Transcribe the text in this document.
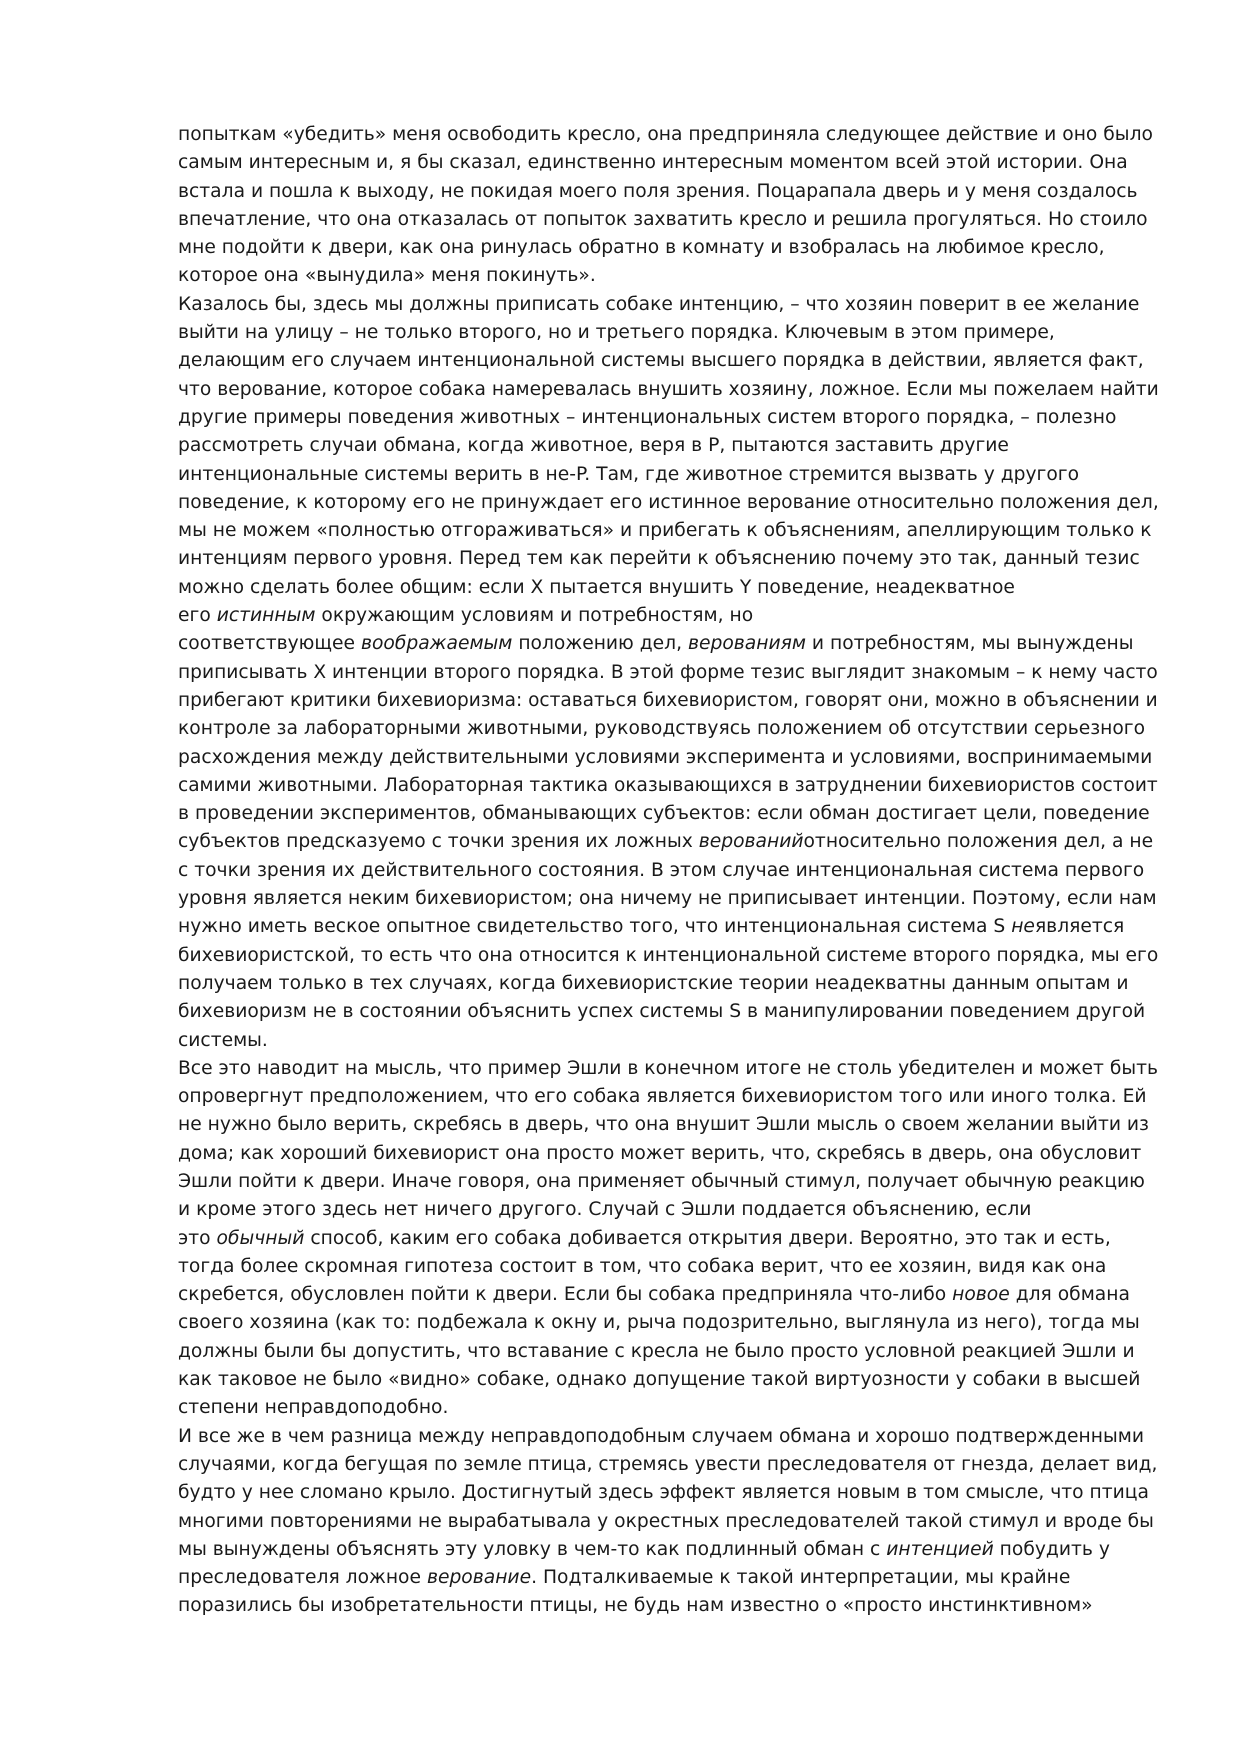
попыткам «убедить» меня освободить кресло, она предприняла следующее действие и оно было
самым интересным и, я бы сказал, единственно интересным моментом всей этой истории. Она
встала и пошла к выходу, не покидая моего поля зрения. Поцарапала дверь и у меня создалось
впечатление, что она отказалась от попыток захватить кресло и решила прогуляться. Но стоило
мне подойти к двери, как она ринулась обратно в комнату и взобралась на любимое кресло,
которое она «вынудила» меня покинуть».
Казалось бы, здесь мы должны приписать собаке интенцию, – что хозяин поверит в ее желание
выйти на улицу – не только второго, но и третьего порядка. Ключевым в этом примере,
делающим его случаем интенциональной системы высшего порядка в действии, является факт,
что верование, которое собака намеревалась внушить хозяину, ложное. Если мы пожелаем найти
другие примеры поведения животных – интенциональных систем второго порядка, – полезно
рассмотреть случаи обмана, когда животное, веря в P, пытаются заставить другие
интенциональные системы верить в не-P. Там, где животное стремится вызвать у другого
поведение, к которому его не принуждает его истинное верование относительно положения дел,
мы не можем «полностью отгораживаться» и прибегать к объяснениям, апеллирующим только к
интенциям первого уровня. Перед тем как перейти к объяснению почему это так, данный тезис
можно сделать более общим: если X пытается внушить Y поведение, неадекватное
его истинным окружающим условиям и потребностям, но
соответствующее воображаемым положению дел, верованиям и потребностям, мы вынуждены
приписывать X интенции второго порядка. В этой форме тезис выглядит знакомым – к нему часто
прибегают критики бихевиоризма: оставаться бихевиористом, говорят они, можно в объяснении и
контроле за лабораторными животными, руководствуясь положением об отсутствии серьезного
расхождения между действительными условиями эксперимента и условиями, воспринимаемыми
самими животными. Лабораторная тактика оказывающихся в затруднении бихевиористов состоит
в проведении экспериментов, обманывающих субъектов: если обман достигает цели, поведение
субъектов предсказуемо с точки зрения их ложных верованийотносительно положения дел, а не
с точки зрения их действительного состояния. В этом случае интенциональная система первого
уровня является неким бихевиористом; она ничему не приписывает интенции. Поэтому, если нам
нужно иметь веское опытное свидетельство того, что интенциональная система S неявляется
бихевиористской, то есть что она относится к интенциональной системе второго порядка, мы его
получаем только в тех случаях, когда бихевиористские теории неадекватны данным опытам и
бихевиоризм не в состоянии объяснить успех системы S в манипулировании поведением другой
системы.
Все это наводит на мысль, что пример Эшли в конечном итоге не столь убедителен и может быть
опровергнут предположением, что его собака является бихевиористом того или иного толка. Ей
не нужно было верить, скребясь в дверь, что она внушит Эшли мысль о своем желании выйти из
дома; как хороший бихевиорист она просто может верить, что, скребясь в дверь, она обусловит
Эшли пойти к двери. Иначе говоря, она применяет обычный стимул, получает обычную реакцию
и кроме этого здесь нет ничего другого. Случай с Эшли поддается объяснению, если
это обычный способ, каким его собака добивается открытия двери. Вероятно, это так и есть,
тогда более скромная гипотеза состоит в том, что собака верит, что ее хозяин, видя как она
скребется, обусловлен пойти к двери. Если бы собака предприняла что-либо новое для обмана
своего хозяина (как то: подбежала к окну и, рыча подозрительно, выглянула из него), тогда мы
должны были бы допустить, что вставание с кресла не было просто условной реакцией Эшли и
как таковое не было «видно» собаке, однако допущение такой виртуозности у собаки в высшей
степени неправдоподобно.
И все же в чем разница между неправдоподобным случаем обмана и хорошо подтвержденными
случаями, когда бегущая по земле птица, стремясь увести преследователя от гнезда, делает вид,
будто у нее сломано крыло. Достигнутый здесь эффект является новым в том смысле, что птица
многими повторениями не вырабатывала у окрестных преследователей такой стимул и вроде бы
мы вынуждены объяснять эту уловку в чем-то как подлинный обман с интенцией побудить у
преследователя ложное верование. Подталкиваемые к такой интерпретации, мы крайне
поразились бы изобретательности птицы, не будь нам известно о «просто инстинктивном»
